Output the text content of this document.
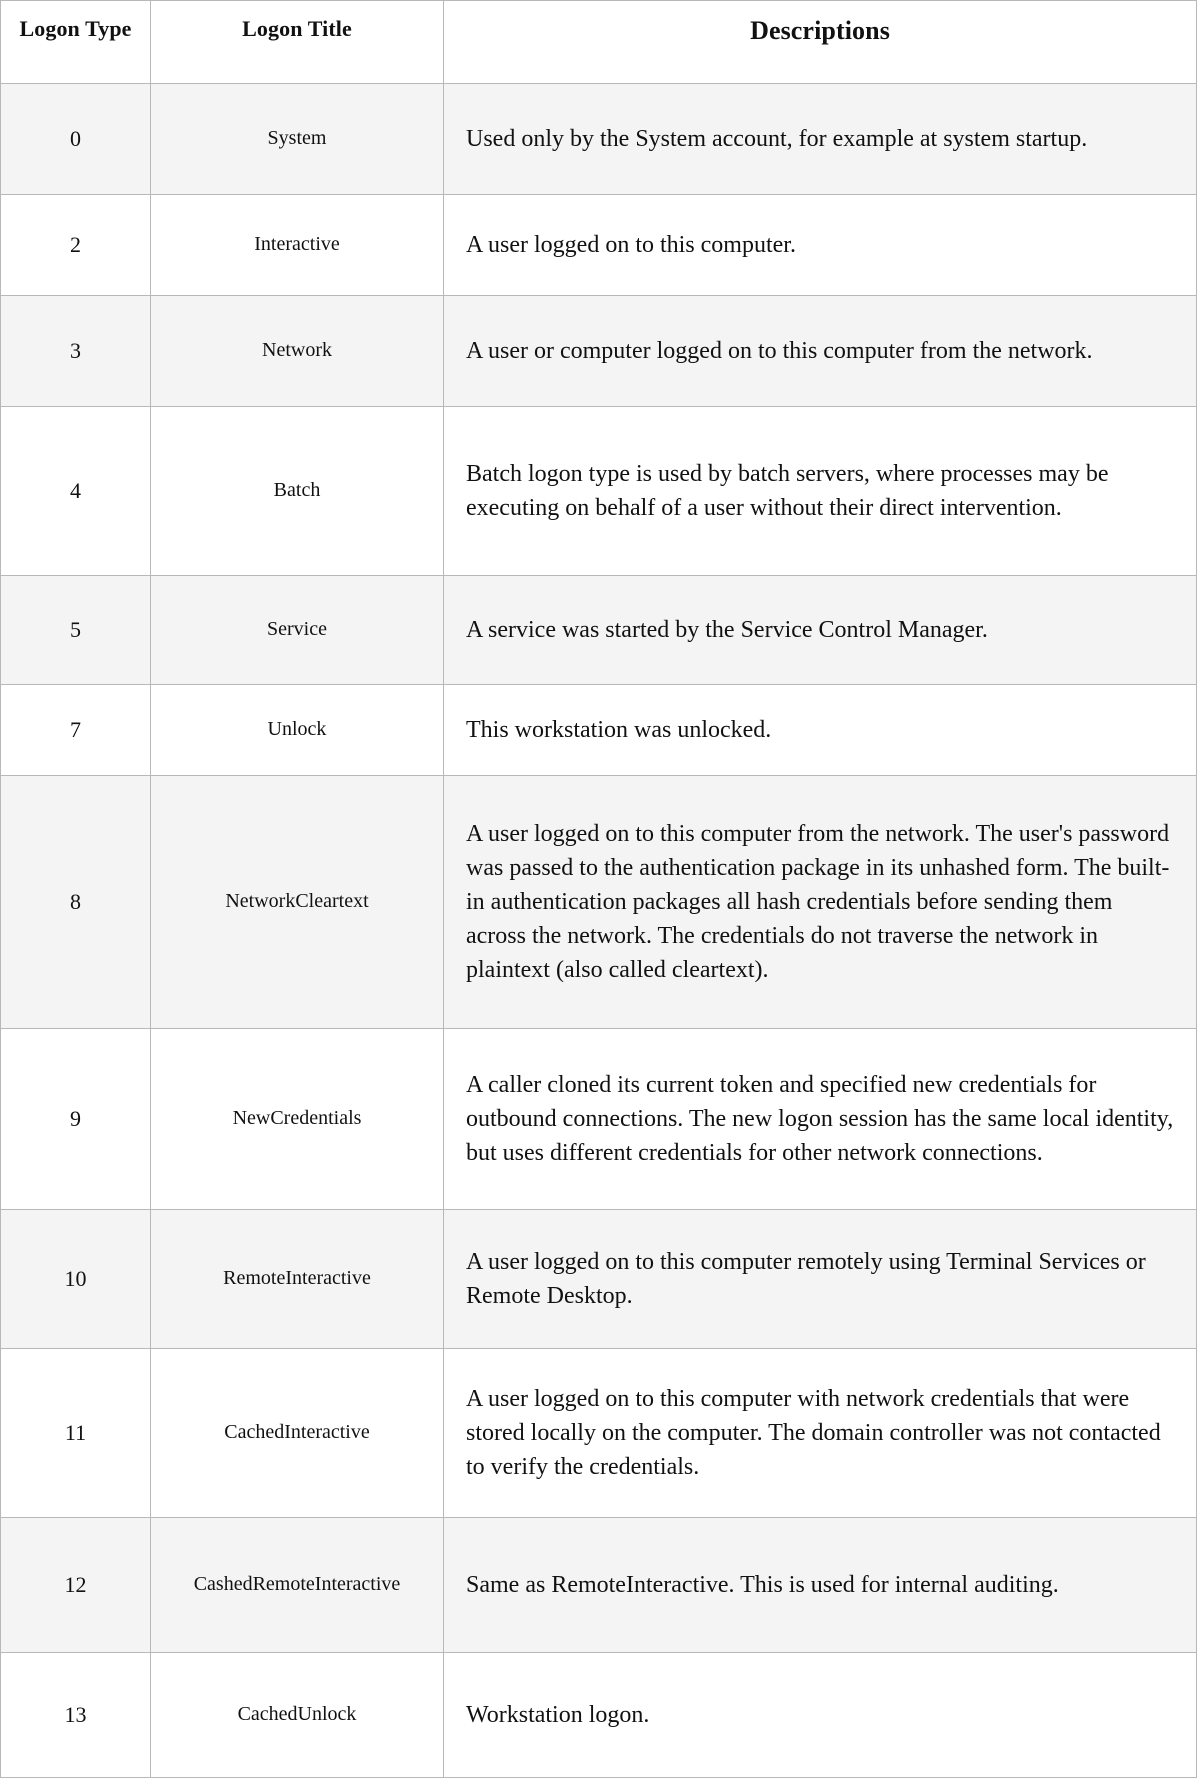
Logon Type	Logon Title	Descriptions

0	System	Used only by the System account, for example at system startup.
2	Interactive	A user logged on to this computer.
3	Network	A user or computer logged on to this computer from the network.
4	Batch	Batch logon type is used by batch servers, where processes may be executing on behalf of a user without their direct intervention.
5	Service	A service was started by the Service Control Manager.
7	Unlock	This workstation was unlocked.
8	NetworkCleartext	A user logged on to this computer from the network. The user's password was passed to the authentication package in its unhashed form. The built-in authentication packages all hash credentials before sending them across the network. The credentials do not traverse the network in plaintext (also called cleartext).
9	NewCredentials	A caller cloned its current token and specified new credentials for outbound connections. The new logon session has the same local identity, but uses different credentials for other network connections.
10	RemoteInteractive	A user logged on to this computer remotely using Terminal Services or Remote Desktop.
11	CachedInteractive	A user logged on to this computer with network credentials that were stored locally on the computer. The domain controller was not contacted to verify the credentials.
12	CashedRemoteInteractive	Same as RemoteInteractive. This is used for internal auditing.
13	CachedUnlock	Workstation logon.
